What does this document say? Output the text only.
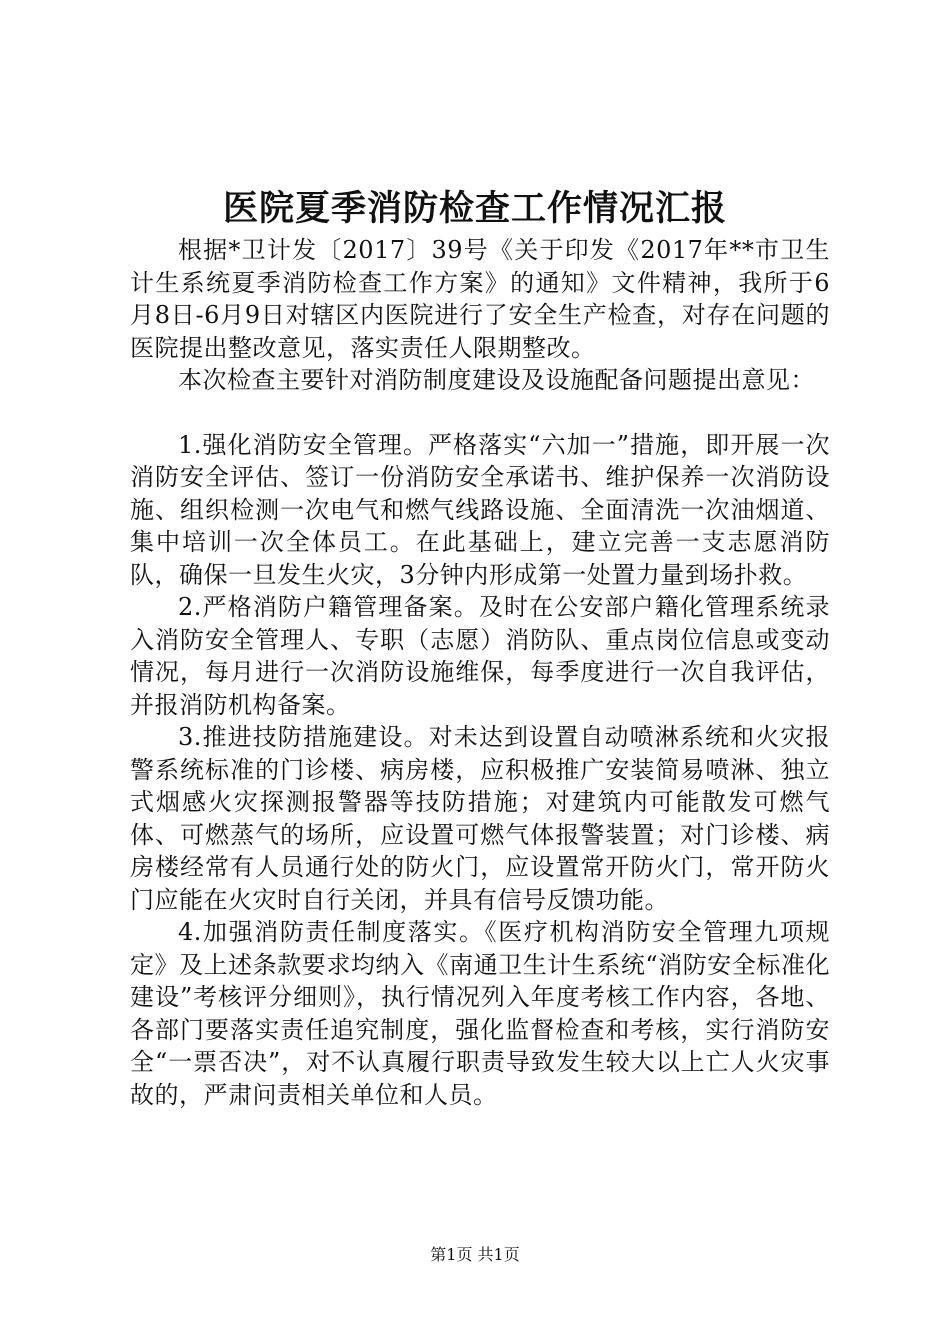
医院夏季消防检查工作情况汇报

根据*卫计发〔2017〕39号《关于印发《2017年**市卫生计生系统夏季消防检查工作方案》的通知》文件精神，我所于6月8日-6月9日对辖区内医院进行了安全生产检查，对存在问题的医院提出整改意见，落实责任人限期整改。

本次检查主要针对消防制度建设及设施配备问题提出意见：

1.强化消防安全管理。严格落实“六加一”措施，即开展一次消防安全评估、签订一份消防安全承诺书、维护保养一次消防设施、组织检测一次电气和燃气线路设施、全面清洗一次油烟道、集中培训一次全体员工。在此基础上，建立完善一支志愿消防队，确保一旦发生火灾，3分钟内形成第一处置力量到场扑救。

2.严格消防户籍管理备案。及时在公安部户籍化管理系统录入消防安全管理人、专职（志愿）消防队、重点岗位信息或变动情况，每月进行一次消防设施维保，每季度进行一次自我评估，并报消防机构备案。

3.推进技防措施建设。对未达到设置自动喷淋系统和火灾报警系统标准的门诊楼、病房楼，应积极推广安装简易喷淋、独立式烟感火灾探测报警器等技防措施；对建筑内可能散发可燃气体、可燃蒸气的场所，应设置可燃气体报警装置；对门诊楼、病房楼经常有人员通行处的防火门，应设置常开防火门，常开防火门应能在火灾时自行关闭，并具有信号反馈功能。

4.加强消防责任制度落实。《医疗机构消防安全管理九项规定》及上述条款要求均纳入《南通卫生计生系统“消防安全标准化建设”考核评分细则》，执行情况列入年度考核工作内容，各地、各部门要落实责任追究制度，强化监督检查和考核，实行消防安全“一票否决”，对不认真履行职责导致发生较大以上亡人火灾事故的，严肃问责相关单位和人员。

第1页 共1页
